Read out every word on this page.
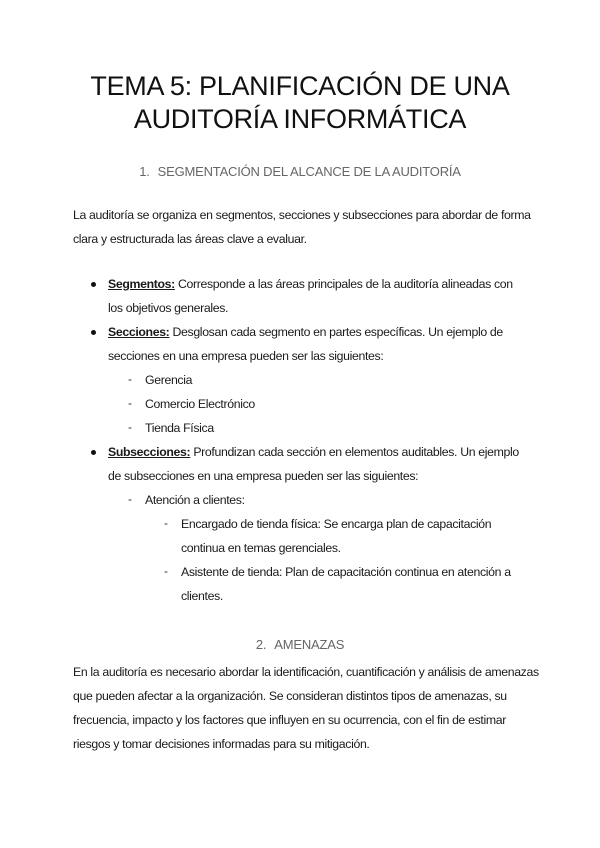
TEMA 5: PLANIFICACIÓN DE UNA AUDITORÍA INFORMÁTICA
1. SEGMENTACIÓN DEL ALCANCE DE LA AUDITORÍA

La auditoría se organiza en segmentos, secciones y subsecciones para abordar de forma clara y estructurada las áreas clave a evaluar.

Segmentos: Corresponde a las áreas principales de la auditoría alineadas con los objetivos generales.
Secciones: Desglosan cada segmento en partes específicas. Un ejemplo de secciones en una empresa pueden ser las siguientes:
- Gerencia
- Comercio Electrónico
- Tienda Física
Subsecciones: Profundizan cada sección en elementos auditables. Un ejemplo de subsecciones en una empresa pueden ser las siguientes:
- Atención a clientes:
- Encargado de tienda física: Se encarga plan de capacitación continua en temas gerenciales.
- Asistente de tienda: Plan de capacitación continua en atención a clientes.
2. AMENAZAS

En la auditoría es necesario abordar la identificación, cuantificación y análisis de amenazas que pueden afectar a la organización. Se consideran distintos tipos de amenazas, su frecuencia, impacto y los factores que influyen en su ocurrencia, con el fin de estimar riesgos y tomar decisiones informadas para su mitigación.
